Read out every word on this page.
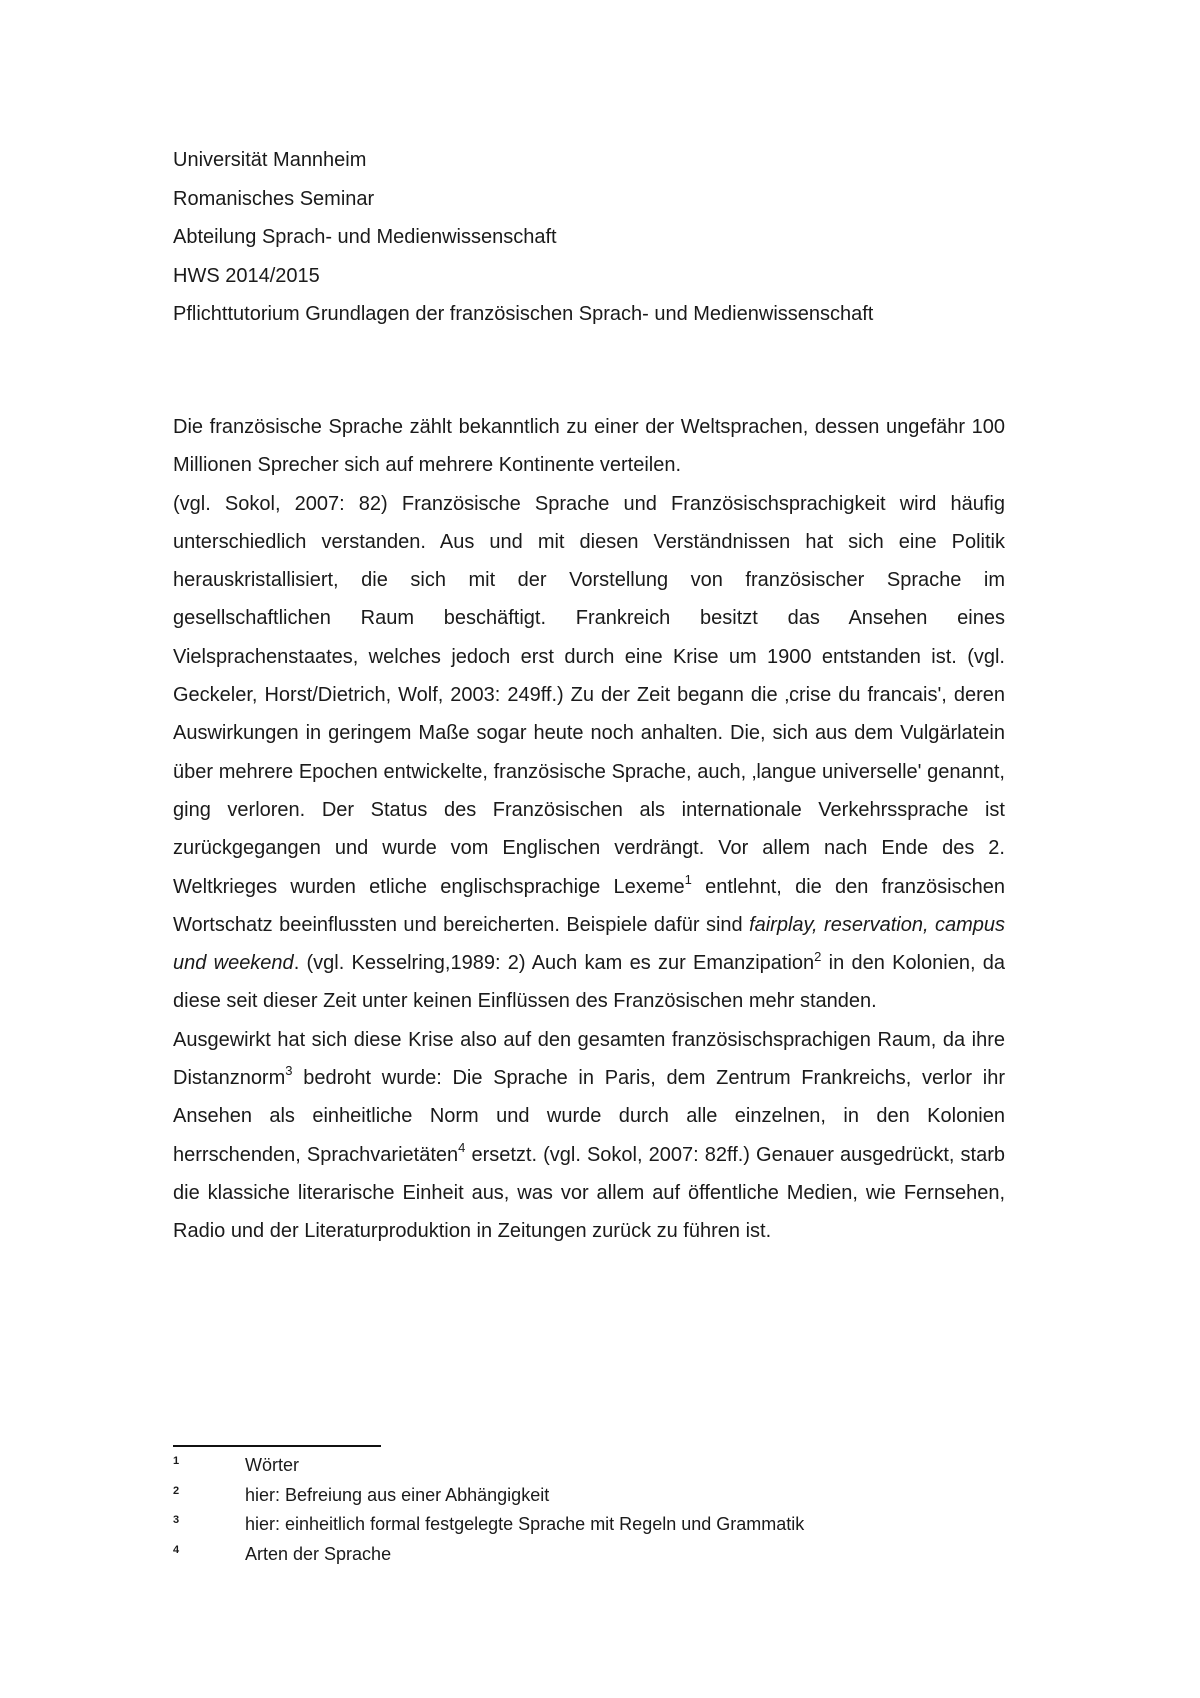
Universität Mannheim
Romanisches Seminar
Abteilung Sprach- und Medienwissenschaft
HWS 2014/2015
Pflichttutorium Grundlagen der französischen Sprach- und Medienwissenschaft

Die französische Sprache zählt bekanntlich zu einer der Weltsprachen, dessen ungefähr 100 Millionen Sprecher sich auf mehrere Kontinente verteilen.

(vgl. Sokol, 2007: 82) Französische Sprache und Französischsprachigkeit wird häufig unterschiedlich verstanden. Aus und mit diesen Verständnissen hat sich eine Politik herauskristallisiert, die sich mit der Vorstellung von französischer Sprache im gesellschaftlichen Raum beschäftigt. Frankreich besitzt das Ansehen eines Vielsprachenstaates, welches jedoch erst durch eine Krise um 1900 entstanden ist. (vgl. Geckeler, Horst/Dietrich, Wolf, 2003: 249ff.) Zu der Zeit begann die ‚crise du francais', deren Auswirkungen in geringem Maße sogar heute noch anhalten. Die, sich aus dem Vulgärlatein über mehrere Epochen entwickelte, französische Sprache, auch, ‚langue universelle' genannt, ging verloren. Der Status des Französischen als internationale Verkehrssprache ist zurückgegangen und wurde vom Englischen verdrängt. Vor allem nach Ende des 2. Weltkrieges wurden etliche englischsprachige Lexeme$^1$ entlehnt, die den französischen Wortschatz beeinflussten und bereicherten. Beispiele dafür sind fairplay, reservation, campus und weekend. (vgl. Kesselring,1989: 2) Auch kam es zur Emanzipation$^2$ in den Kolonien, da diese seit dieser Zeit unter keinen Einflüssen des Französischen mehr standen.

Ausgewirkt hat sich diese Krise also auf den gesamten französischsprachigen Raum, da ihre Distanznorm$^3$ bedroht wurde: Die Sprache in Paris, dem Zentrum Frankreichs, verlor ihr Ansehen als einheitliche Norm und wurde durch alle einzelnen, in den Kolonien herrschenden, Sprachvarietäten$^4$ ersetzt. (vgl. Sokol, 2007: 82ff.) Genauer ausgedrückt, starb die klassiche literarische Einheit aus, was vor allem auf öffentliche Medien, wie Fernsehen, Radio und der Literaturproduktion in Zeitungen zurück zu führen ist.

1	Wörter
2	hier: Befreiung aus einer Abhängigkeit
3	hier: einheitlich formal festgelegte Sprache mit Regeln und Grammatik
4	Arten der Sprache
